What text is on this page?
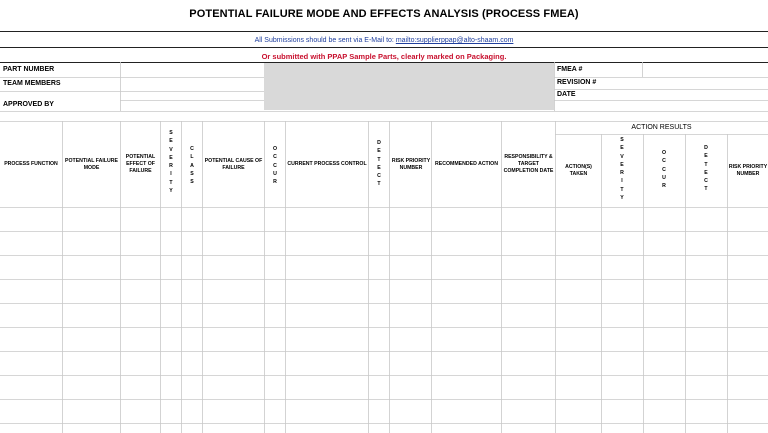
POTENTIAL FAILURE MODE AND EFFECTS ANALYSIS (PROCESS FMEA)
All Submissions should be sent via E-Mail to: mailto:supplierppap@alto-shaam.com
Or submitted with PPAP Sample Parts, clearly marked on Packaging.
PART NUMBER
TEAM MEMBERS
APPROVED BY
FMEA #
REVISION #
DATE
PROCESS FUNCTION
POTENTIAL FAILURE MODE
POTENTIAL EFFECT OF FAILURE
S
E
V
E
R
I
T
Y
C
L
A
S
S
POTENTIAL CAUSE OF FAILURE
O
C
C
U
R
CURRENT PROCESS CONTROL
D
E
T
E
C
T
RISK PRIORITY NUMBER
RECOMMENDED ACTION
RESPONSIBILITY & TARGET COMPLETION DATE
ACTION RESULTS
ACTION(S) TAKEN
S
E
V
E
R
I
T
Y
O
C
C
U
R
D
E
T
E
C
T
RISK PRIORITY NUMBER
